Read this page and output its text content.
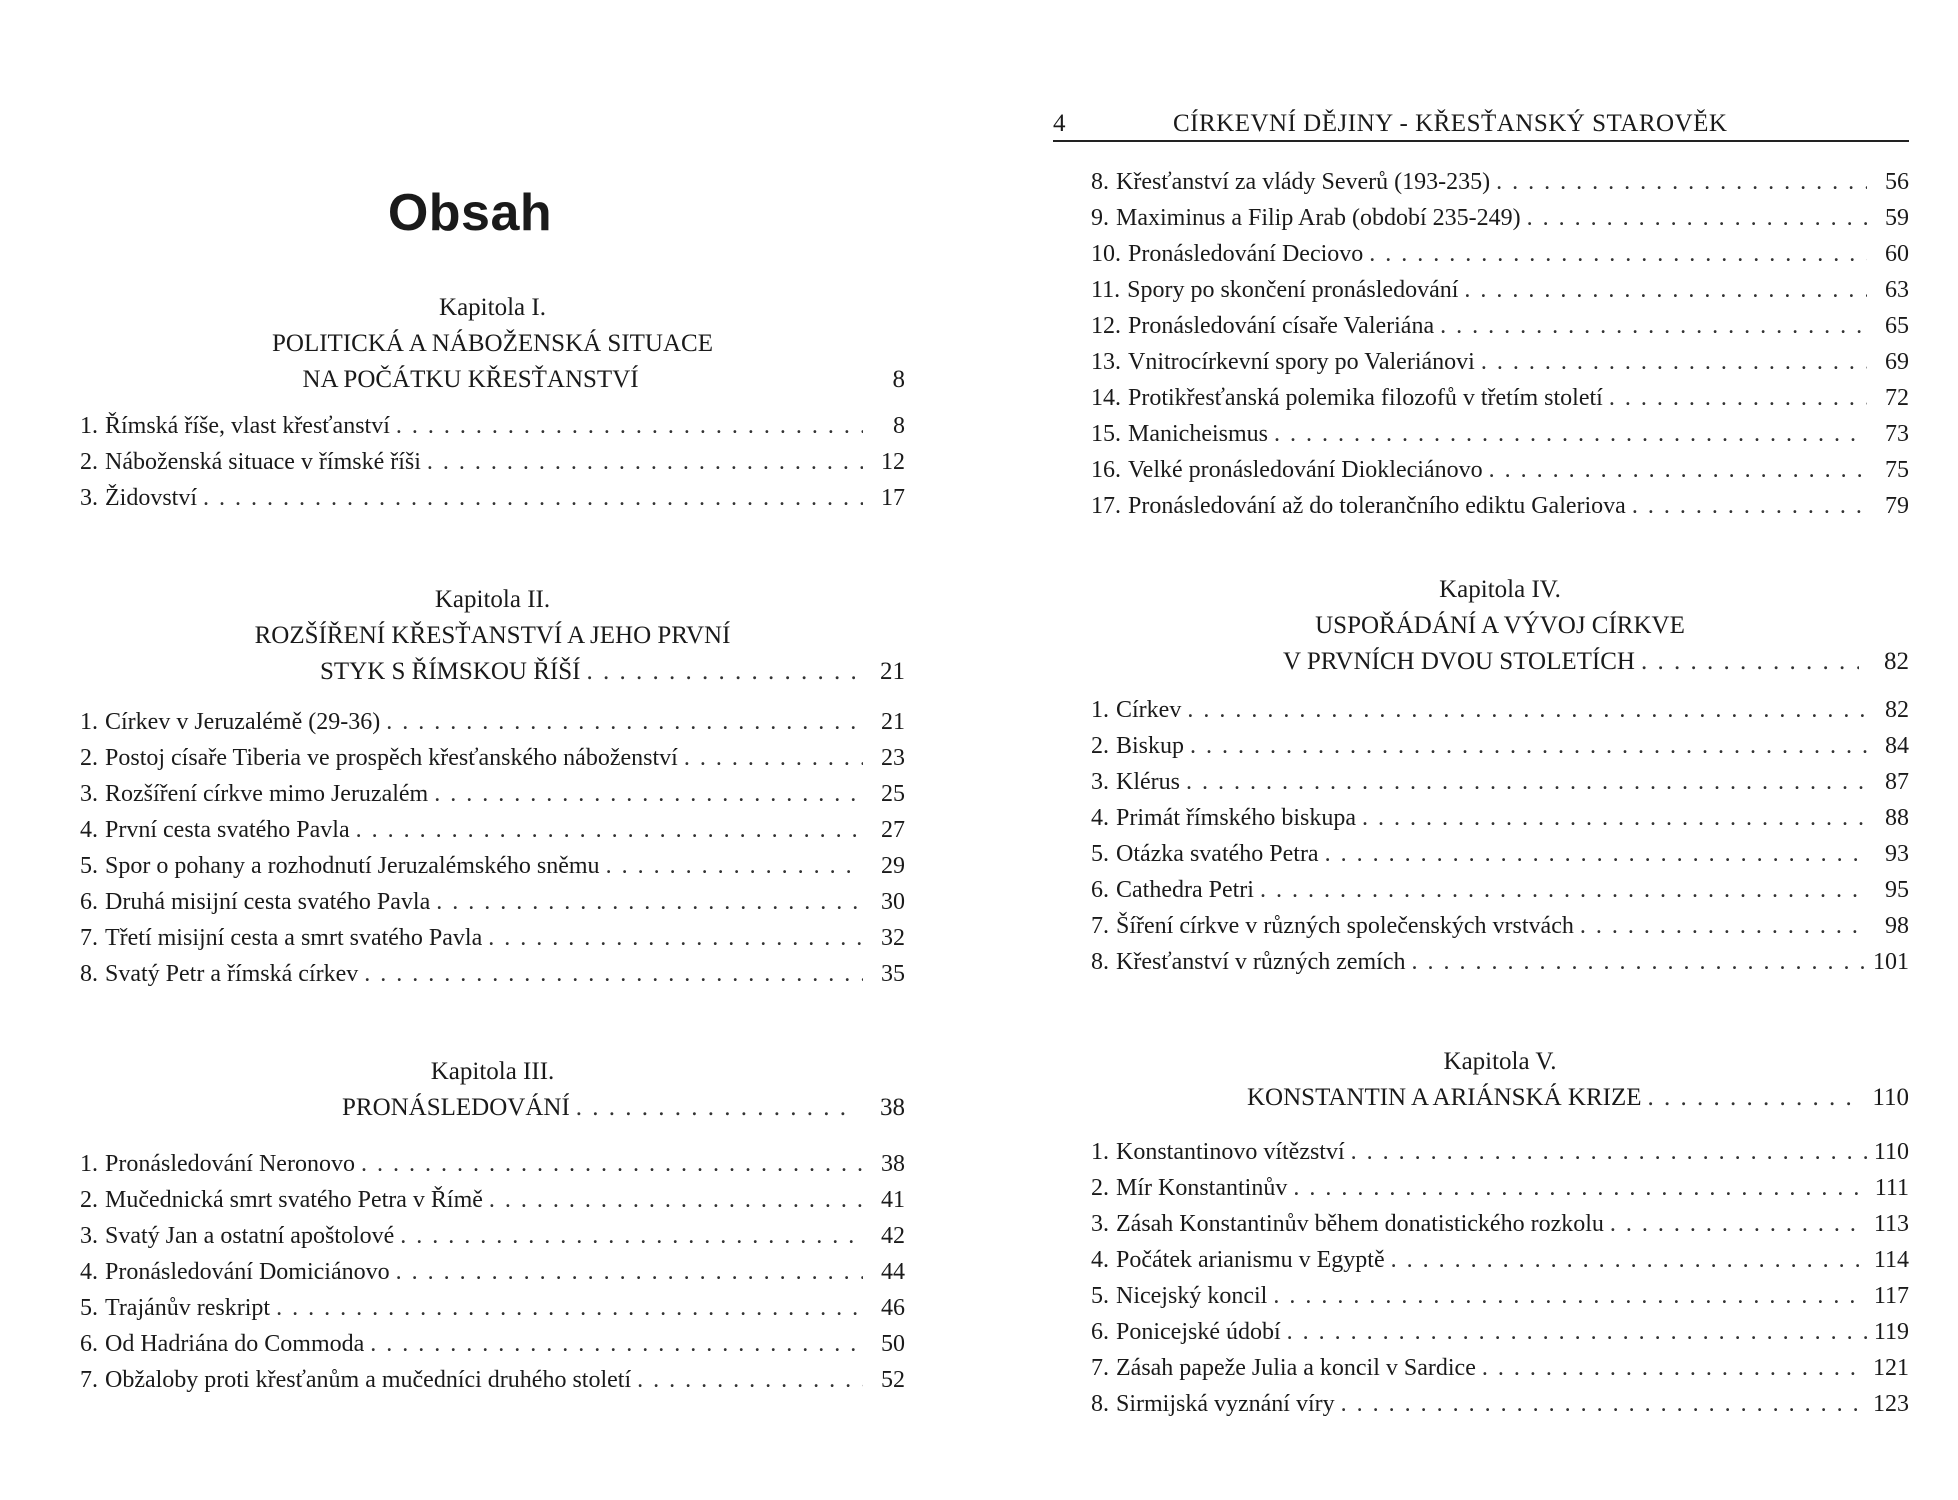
Obsah
Kapitola I.
POLITICKÁ A NÁBOŽENSKÁ SITUACE
NA POČÁTKU KŘESŤANSTVÍ	8
1. Římská říše, vlast křesťanství . . .	8
2. Náboženská situace v římské říši . . .	12
3. Židovství . . .	17
Kapitola II.
ROZŠÍŘENÍ KŘESŤANSTVÍ A JEHO PRVNÍ
STYK S ŘÍMSKOU ŘÍŠÍ . . .	21
1. Církev v Jeruzalémě (29-36) . . .	21
2. Postoj císaře Tiberia ve prospěch křesťanského náboženství . . .	23
3. Rozšíření církve mimo Jeruzalém . . .	25
4. První cesta svatého Pavla . . .	27
5. Spor o pohany a rozhodnutí Jeruzalémského sněmu . . .	29
6. Druhá misijní cesta svatého Pavla . . .	30
7. Třetí misijní cesta a smrt svatého Pavla . . .	32
8. Svatý Petr a římská církev . . .	35
Kapitola III.
PRONÁSLEDOVÁNÍ . . .	38
1. Pronásledování Neronovo . . .	38
2. Mučednická smrt svatého Petra v Římě . . .	41
3. Svatý Jan a ostatní apoštolové . . .	42
4. Pronásledování Domiciánovo . . .	44
5. Trajánův reskript . . .	46
6. Od Hadriána do Commoda . . .	50
7. Obžaloby proti křesťanům a mučedníci druhého století . . .	52
4	CÍRKEVNÍ DĚJINY - KŘESŤANSKÝ STAROVĚK
8. Křesťanství za vlády Severů (193-235) . . .	56
9. Maximinus a Filip Arab (období 235-249) . . .	59
10. Pronásledování Deciovo . . .	60
11. Spory po skončení pronásledování . . .	63
12. Pronásledování císaře Valeriána . . .	65
13. Vnitrocírkevní spory po Valeriánovi . . .	69
14. Protikřesťanská polemika filozofů v třetím století . . .	72
15. Manicheismus . . .	73
16. Velké pronásledování Diokleciánovo . . .	75
17. Pronásledování až do tolerančního ediktu Galeriova . . .	79
Kapitola IV.
USPOŘÁDÁNÍ A VÝVOJ CÍRKVE
V PRVNÍCH DVOU STOLETÍCH . . .	82
1. Církev . . .	82
2. Biskup . . .	84
3. Klérus . . .	87
4. Primát římského biskupa . . .	88
5. Otázka svatého Petra . . .	93
6. Cathedra Petri . . .	95
7. Šíření církve v různých společenských vrstvách . . .	98
8. Křesťanství v různých zemích . . .	101
Kapitola V.
KONSTANTIN A ARIÁNSKÁ KRIZE . . .	110
1. Konstantinovo vítězství . . .	110
2. Mír Konstantinův . . .	111
3. Zásah Konstantinův během donatistického rozkolu . . .	113
4. Počátek arianismu v Egyptě . . .	114
5. Nicejský koncil . . .	117
6. Ponicejské údobí . . .	119
7. Zásah papeže Julia a koncil v Sardice . . .	121
8. Sirmijská vyznání víry . . .	123
